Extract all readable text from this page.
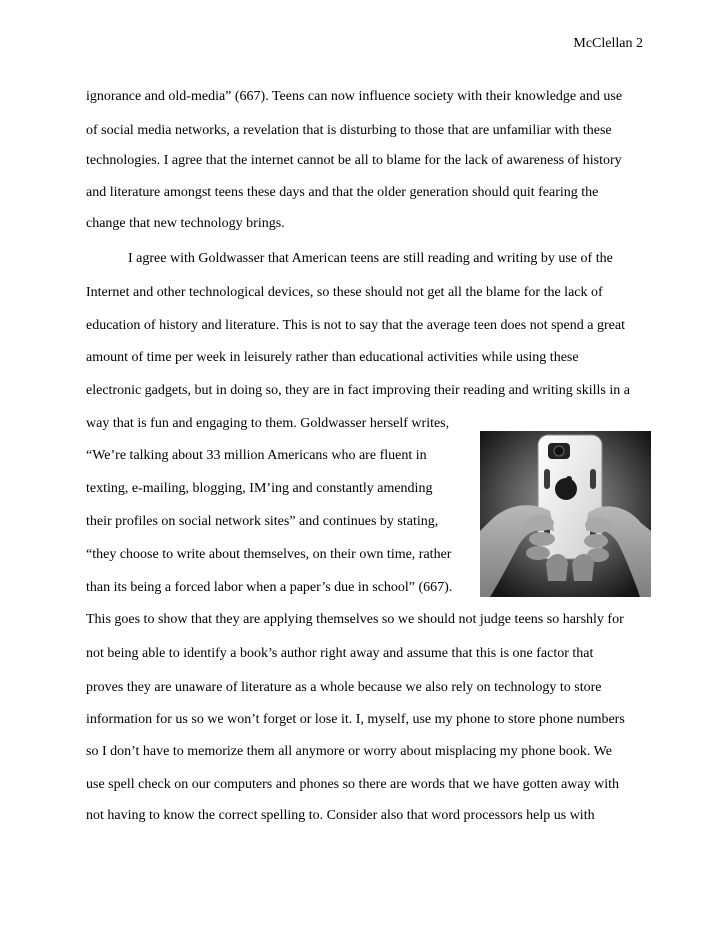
McClellan 2
ignorance and old-media” (667). Teens can now influence society with their knowledge and use
of social media networks, a revelation that is disturbing to those that are unfamiliar with these
technologies. I agree that the internet cannot be all to blame for the lack of awareness of history
and literature amongst teens these days and that the older generation should quit fearing the
change that new technology brings.
I agree with Goldwasser that American teens are still reading and writing by use of the
Internet and other technological devices, so these should not get all the blame for the lack of
education of history and literature. This is not to say that the average teen does not spend a great
amount of time per week in leisurely rather than educational activities while using these
electronic gadgets, but in doing so, they are in fact improving their reading and writing skills in a
way that is fun and engaging to them. Goldwasser herself writes,
“We’re talking about 33 million Americans who are fluent in
texting, e-mailing, blogging, IM’ing and constantly amending
their profiles on social network sites” and continues by stating,
“they choose to write about themselves, on their own time, rather
than its being a forced labor when a paper’s due in school” (667).
This goes to show that they are applying themselves so we should not judge teens so harshly for
not being able to identify a book’s author right away and assume that this is one factor that
proves they are unaware of literature as a whole because we also rely on technology to store
information for us so we won’t forget or lose it. I, myself, use my phone to store phone numbers
so I don’t have to memorize them all anymore or worry about misplacing my phone book. We
use spell check on our computers and phones so there are words that we have gotten away with
not having to know the correct spelling to. Consider also that word processors help us with
